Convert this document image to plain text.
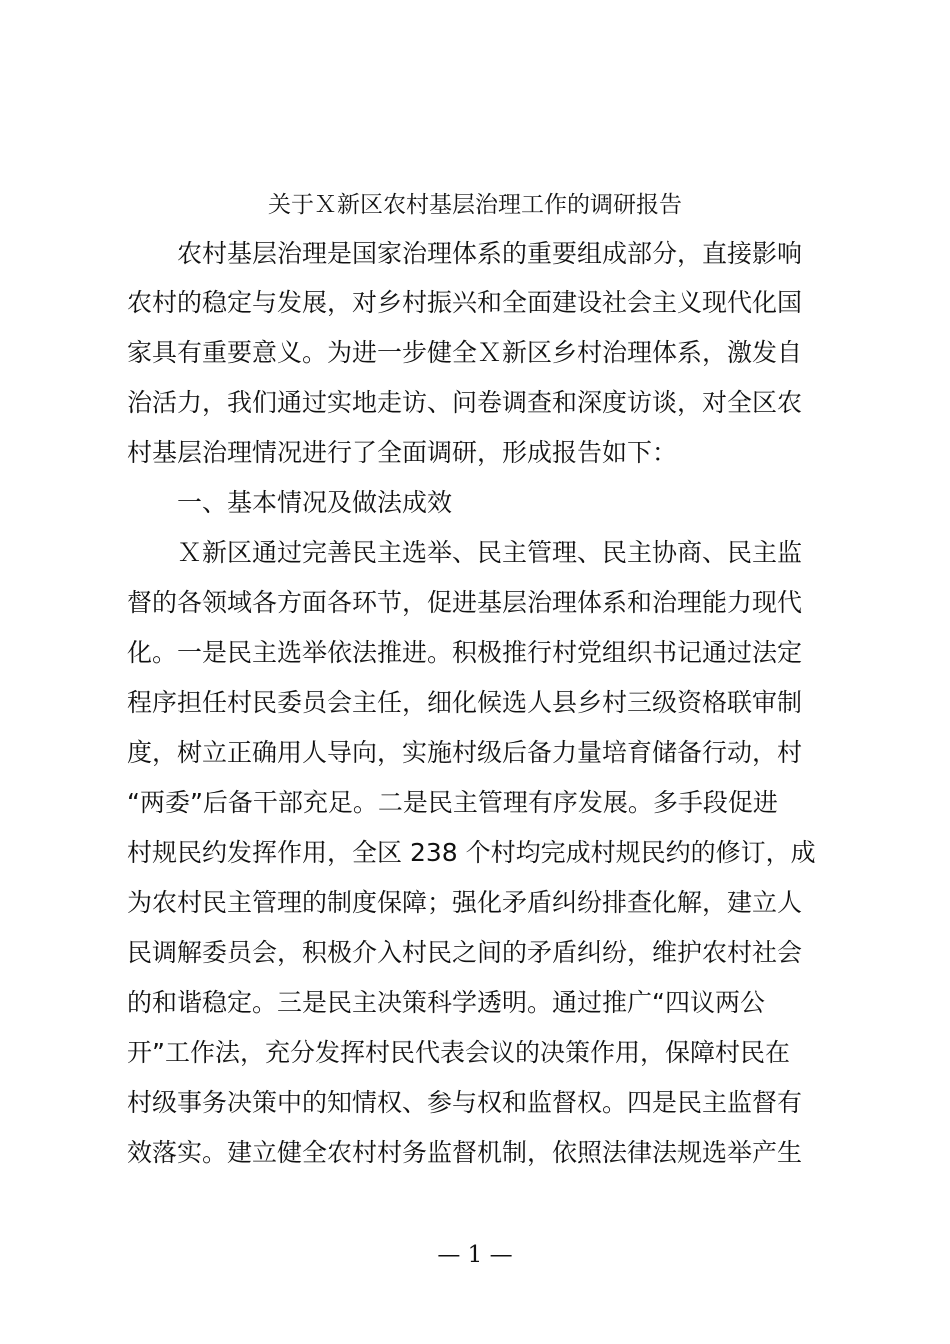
关于Ｘ新区农村基层治理工作的调研报告
　　农村基层治理是国家治理体系的重要组成部分，直接影响
农村的稳定与发展，对乡村振兴和全面建设社会主义现代化国
家具有重要意义。为进一步健全Ｘ新区乡村治理体系，激发自
治活力，我们通过实地走访、问卷调查和深度访谈，对全区农
村基层治理情况进行了全面调研，形成报告如下：
　　一、基本情况及做法成效
　　Ｘ新区通过完善民主选举、民主管理、民主协商、民主监
督的各领域各方面各环节，促进基层治理体系和治理能力现代
化。一是民主选举依法推进。积极推行村党组织书记通过法定
程序担任村民委员会主任，细化候选人县乡村三级资格联审制
度，树立正确用人导向，实施村级后备力量培育储备行动，村
“两委”后备干部充足。二是民主管理有序发展。多手段促进
村规民约发挥作用，全区 238 个村均完成村规民约的修订，成
为农村民主管理的制度保障；强化矛盾纠纷排查化解，建立人
民调解委员会，积极介入村民之间的矛盾纠纷，维护农村社会
的和谐稳定。三是民主决策科学透明。通过推广“四议两公
开”工作法，充分发挥村民代表会议的决策作用，保障村民在
村级事务决策中的知情权、参与权和监督权。四是民主监督有
效落实。建立健全农村村务监督机制，依照法律法规选举产生
— 1 —
